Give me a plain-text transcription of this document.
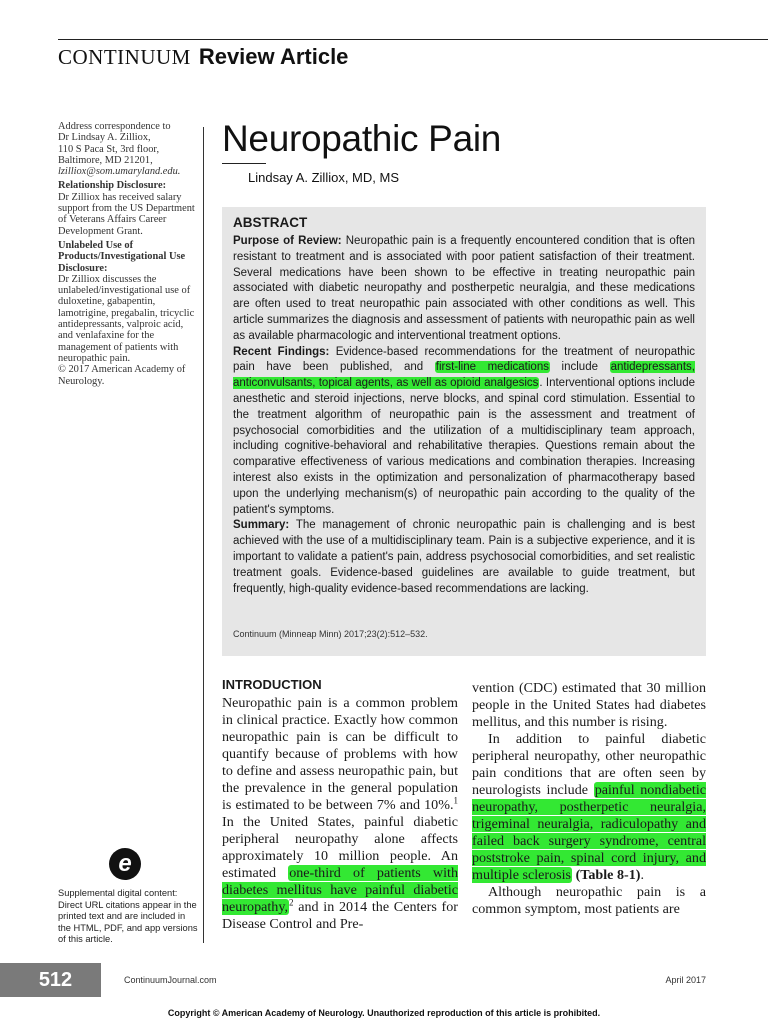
CONTINUUM Review Article

Address correspondence to
Dr Lindsay A. Zilliox,
110 S Paca St, 3rd floor,
Baltimore, MD 21201,
lzilliox@som.umaryland.edu.

Relationship Disclosure:
Dr Zilliox has received salary support from the US Department of Veterans Affairs Career Development Grant.

Unlabeled Use of Products/Investigational Use Disclosure:
Dr Zilliox discusses the unlabeled/investigational use of duloxetine, gabapentin, lamotrigine, pregabalin, tricyclic antidepressants, valproic acid, and venlafaxine for the management of patients with neuropathic pain.
© 2017 American Academy of Neurology.

e
Supplemental digital content: Direct URL citations appear in the printed text and are included in the HTML, PDF, and app versions of this article.
Neuropathic Pain
Lindsay A. Zilliox, MD, MS
ABSTRACT

Purpose of Review: Neuropathic pain is a frequently encountered condition that is often resistant to treatment and is associated with poor patient satisfaction of their treatment. Several medications have been shown to be effective in treating neuropathic pain associated with diabetic neuropathy and postherpetic neuralgia, and these medications are often used to treat neuropathic pain associated with other conditions as well. This article summarizes the diagnosis and assessment of patients with neuropathic pain as well as available pharmacologic and interventional treatment options.

Recent Findings: Evidence-based recommendations for the treatment of neuropathic pain have been published, and first-line medications include antidepressants, anticonvulsants, topical agents, as well as opioid analgesics. Interventional options include anesthetic and steroid injections, nerve blocks, and spinal cord stimulation. Essential to the treatment algorithm of neuropathic pain is the assessment and treatment of psychosocial comorbidities and the utilization of a multidisciplinary team approach, including cognitive-behavioral and rehabilitative therapies. Questions remain about the comparative effectiveness of various medications and combination therapies. Increasing interest also exists in the optimization and personalization of pharmacotherapy based upon the underlying mechanism(s) of neuropathic pain according to the quality of the patient's symptoms.

Summary: The management of chronic neuropathic pain is challenging and is best achieved with the use of a multidisciplinary team. Pain is a subjective experience, and it is important to validate a patient's pain, address psychosocial comorbidities, and set realistic treatment goals. Evidence-based guidelines are available to guide treatment, but frequently, high-quality evidence-based recommendations are lacking.

Continuum (Minneap Minn) 2017;23(2):512–532.
INTRODUCTION

Neuropathic pain is a common problem in clinical practice. Exactly how common neuropathic pain is can be difficult to quantify because of problems with how to define and assess neuropathic pain, but the prevalence in the general population is estimated to be between 7% and 10%.$^1$ In the United States, painful diabetic peripheral neuropathy alone affects approximately 10 million people. An estimated one-third of patients with diabetes mellitus have painful diabetic neuropathy,$^2$ and in 2014 the Centers for Disease Control and Pre-

vention (CDC) estimated that 30 million people in the United States had diabetes mellitus, and this number is rising.

In addition to painful diabetic peripheral neuropathy, other neuropathic pain conditions that are often seen by neurologists include painful nondiabetic neuropathy, postherpetic neuralgia, trigeminal neuralgia, radiculopathy and failed back surgery syndrome, central poststroke pain, spinal cord injury, and multiple sclerosis (Table 8-1).

Although neuropathic pain is a common symptom, most patients are

512	ContinuumJournal.com	April 2017
Copyright © American Academy of Neurology. Unauthorized reproduction of this article is prohibited.
